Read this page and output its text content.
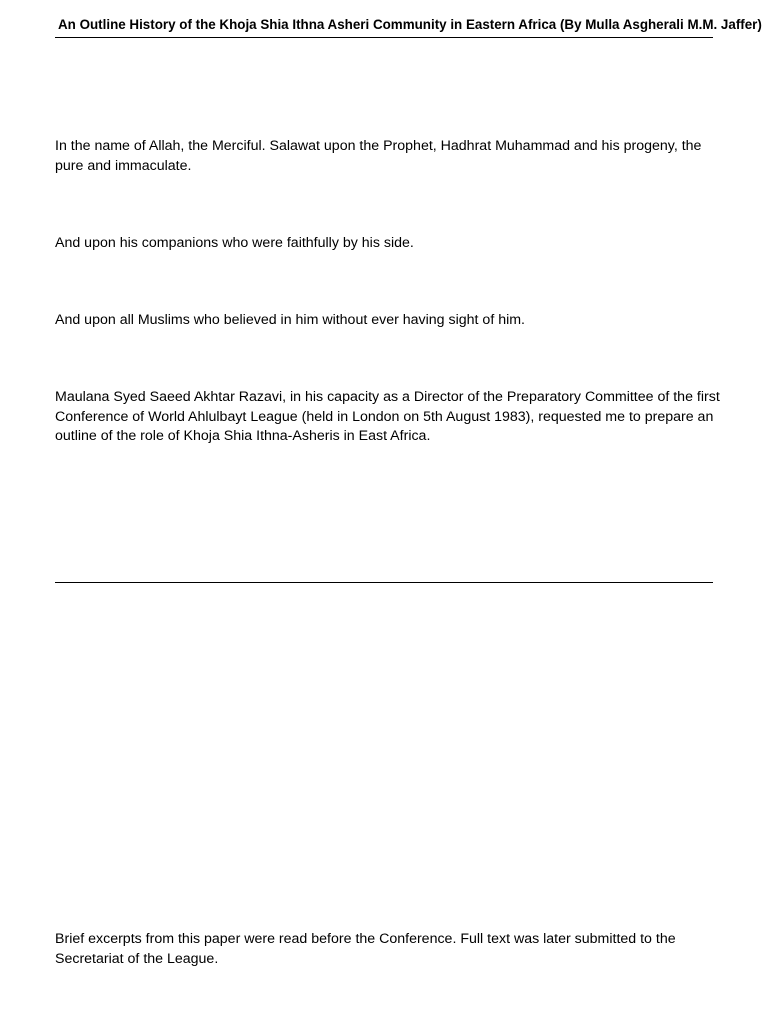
An Outline History of the Khoja Shia Ithna Asheri Community in Eastern Africa (By Mulla Asgherali M.M. Jaffer)

In the name of Allah, the Merciful. Salawat upon the Prophet, Hadhrat Muhammad and his progeny, the pure and immaculate.

And upon his companions who were faithfully by his side.

And upon all Muslims who believed in him without ever having sight of him.

Maulana Syed Saeed Akhtar Razavi, in his capacity as a Director of the Preparatory Committee of the first Conference of World Ahlulbayt League (held in London on 5th August 1983), requested me to prepare an outline of the role of Khoja Shia Ithna-Asheris in East Africa.

Brief excerpts from this paper were read before the Conference. Full text was later submitted to the Secretariat of the League.
